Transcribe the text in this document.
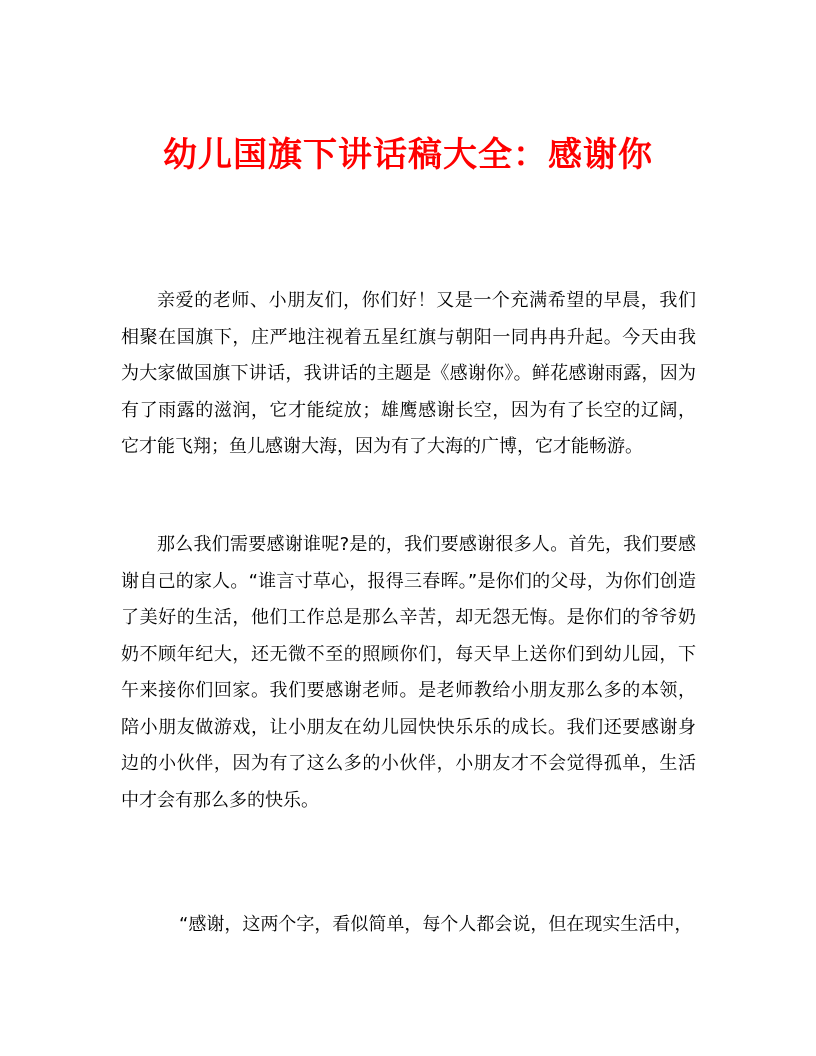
幼儿国旗下讲话稿大全：感谢你

亲爱的老师、小朋友们，你们好！又是一个充满希望的早晨，我们相聚在国旗下，庄严地注视着五星红旗与朝阳一同冉冉升起。今天由我为大家做国旗下讲话，我讲话的主题是《感谢你》。鲜花感谢雨露，因为有了雨露的滋润，它才能绽放；雄鹰感谢长空，因为有了长空的辽阔，它才能飞翔；鱼儿感谢大海，因为有了大海的广博，它才能畅游。

那么我们需要感谢谁呢?是的，我们要感谢很多人。首先，我们要感谢自己的家人。“谁言寸草心，报得三春晖。”是你们的父母，为你们创造了美好的生活，他们工作总是那么辛苦，却无怨无悔。是你们的爷爷奶奶不顾年纪大，还无微不至的照顾你们，每天早上送你们到幼儿园，下午来接你们回家。我们要感谢老师。是老师教给小朋友那么多的本领，陪小朋友做游戏，让小朋友在幼儿园快快乐乐的成长。我们还要感谢身边的小伙伴，因为有了这么多的小伙伴，小朋友才不会觉得孤单，生活中才会有那么多的快乐。

“感谢，这两个字，看似简单，每个人都会说，但在现实生活中，
